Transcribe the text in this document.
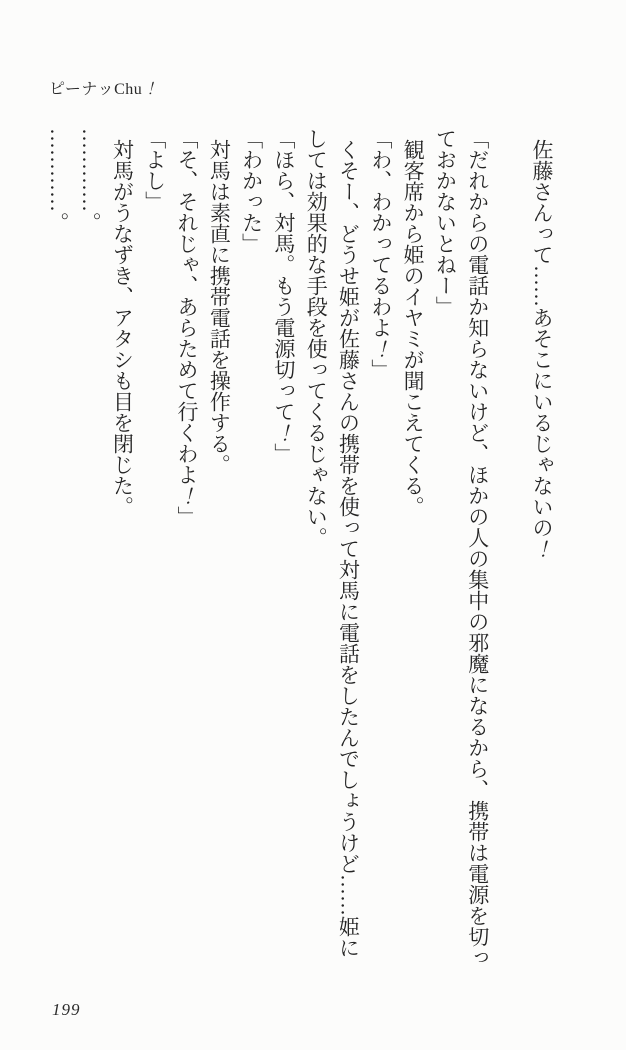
ピーナッChu！

佐藤さんって……あそこにいるじゃないの！

「だれからの電話か知らないけど、ほかの人の集中の邪魔になるから、携帯は電源を切っ

ておかないとねー」

観客席から姫のイヤミが聞こえてくる。

「わ、わかってるわよ！」

くそー、どうせ姫が佐藤さんの携帯を使って対馬に電話をしたんでしょうけど……姫に

しては効果的な手段を使ってくるじゃない。

「ほら、対馬。もう電源切って！」

「わかった」

対馬は素直に携帯電話を操作する。

「そ、それじゃ、あらためて行くわよ！」

「よし」

対馬がうなずき、アタシも目を閉じた。

…………。

…………。

199
